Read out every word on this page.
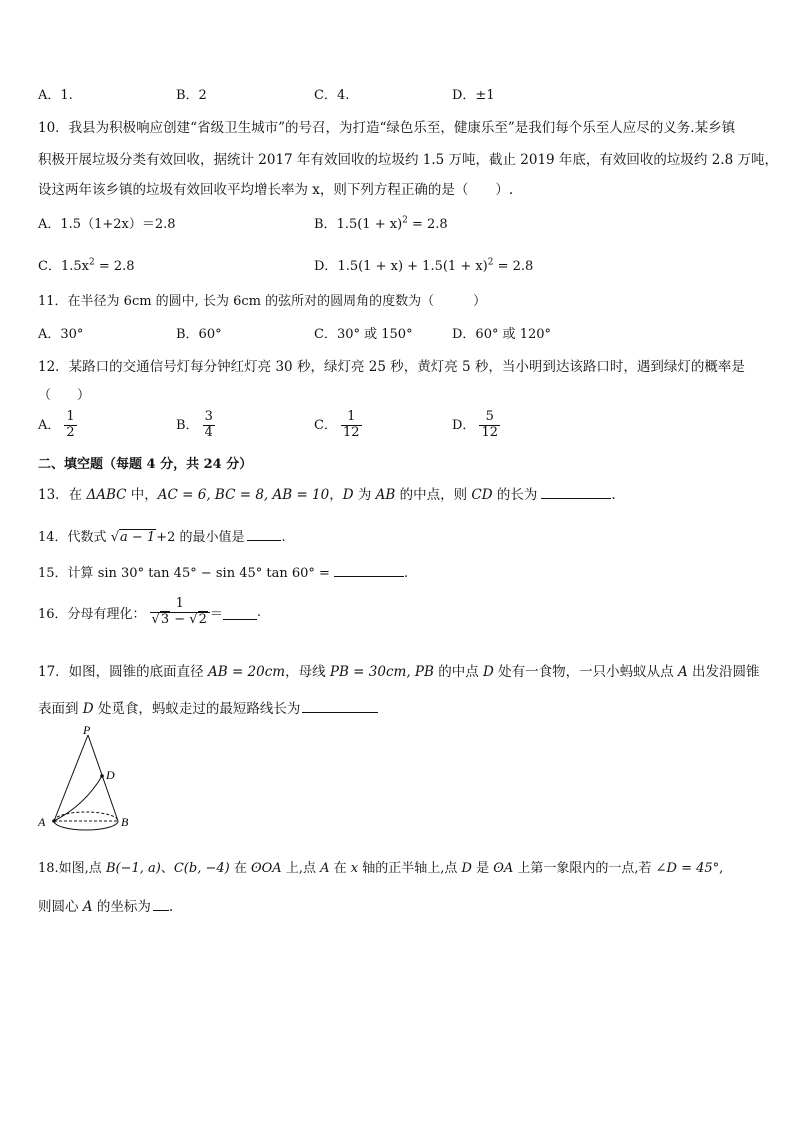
A．1.	B．2	C．4.	D．±1
10．我县为积极响应创建“省级卫生城市”的号召，为打造“绿色乐至，健康乐至”是我们每个乐至人应尽的义务.某乡镇
积极开展垃圾分类有效回收，据统计 2017 年有效回收的垃圾约 1.5 万吨，截止 2019 年底，有效回收的垃圾约 2.8 万吨，
设这两年该乡镇的垃圾有效回收平均增长率为 x，则下列方程正确的是（　　）.
A．1.5（1+2x）＝2.8	B．$1.5(1 + x)^2 = 2.8$
C．$1.5x^2 = 2.8$	D．$1.5(1 + x) + 1.5(1 + x)^2 = 2.8$
11．在半径为 6cm 的圆中, 长为 6cm 的弦所对的圆周角的度数为（　　　）
A．30°	B．60°	C．30° 或 150°	D．60° 或 120°
12．某路口的交通信号灯每分钟红灯亮 30 秒，绿灯亮 25 秒，黄灯亮 5 秒，当小明到达该路口时，遇到绿灯的概率是
（　　）
A． $\frac{1}{2}$	B． $\frac{3}{4}$	C． $\frac{1}{12}$	D． $\frac{5}{12}$
二、填空题（每题 4 分，共 24 分）
13．在 ΔABC 中，AC = 6, BC = 8, AB = 10，D 为 AB 的中点，则 CD 的长为	.
14．代数式 √a − 1+2 的最小值是	.
15．计算 sin 30° tan 45° − sin 45° tan 60° =	.
16．分母有理化： $\frac{1}{√3 - √2}$ ＝	.
17．如图，圆锥的底面直径 AB = 20cm，母线 PB = 30cm, PB 的中点 D 处有一食物，一只小蚂蚁从点 A 出发沿圆锥
表面到 D 处觅食，蚂蚁走过的最短路线长为
P
D
A	B
18.如图,点 B(−1, a)、C(b, −4) 在 ʘOA 上,点 A 在 x 轴的正半轴上,点 D 是 ʘA 上第一象限内的一点,若 ∠D = 45°,
则圆心 A 的坐标为 .
